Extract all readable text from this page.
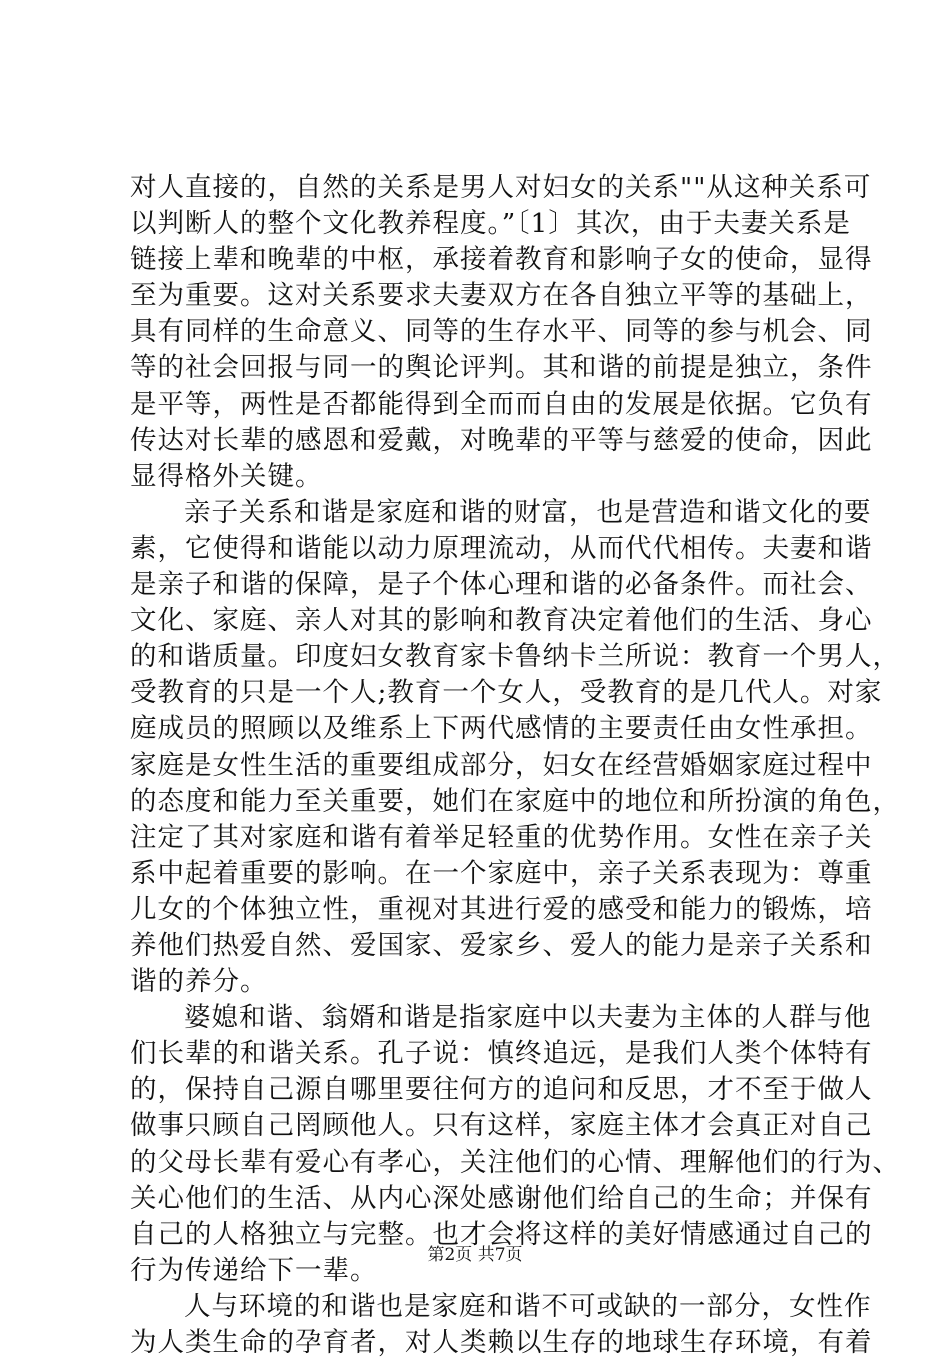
对人直接的，自然的关系是男人对妇女的关系""从这种关系可
以判断人的整个文化教养程度。”〔1〕其次，由于夫妻关系是
链接上辈和晚辈的中枢，承接着教育和影响子女的使命，显得
至为重要。这对关系要求夫妻双方在各自独立平等的基础上，
具有同样的生命意义、同等的生存水平、同等的参与机会、同
等的社会回报与同一的舆论评判。其和谐的前提是独立，条件
是平等，两性是否都能得到全而而自由的发展是依据。它负有
传达对长辈的感恩和爱戴，对晚辈的平等与慈爱的使命，因此
显得格外关键。
亲子关系和谐是家庭和谐的财富，也是营造和谐文化的要
素，它使得和谐能以动力原理流动，从而代代相传。夫妻和谐
是亲子和谐的保障，是子个体心理和谐的必备条件。而社会、
文化、家庭、亲人对其的影响和教育决定着他们的生活、身心
的和谐质量。印度妇女教育家卡鲁纳卡兰所说：教育一个男人，
受教育的只是一个人;教育一个女人，受教育的是几代人。对家
庭成员的照顾以及维系上下两代感情的主要责任由女性承担。
家庭是女性生活的重要组成部分，妇女在经营婚姻家庭过程中
的态度和能力至关重要，她们在家庭中的地位和所扮演的角色，
注定了其对家庭和谐有着举足轻重的优势作用。女性在亲子关
系中起着重要的影响。在一个家庭中，亲子关系表现为：尊重
儿女的个体独立性，重视对其进行爱的感受和能力的锻炼，培
养他们热爱自然、爱国家、爱家乡、爱人的能力是亲子关系和
谐的养分。
婆媳和谐、翁婿和谐是指家庭中以夫妻为主体的人群与他
们长辈的和谐关系。孔子说：慎终追远，是我们人类个体特有
的，保持自己源自哪里要往何方的追问和反思，才不至于做人
做事只顾自己罔顾他人。只有这样，家庭主体才会真正对自己
的父母长辈有爱心有孝心，关注他们的心情、理解他们的行为、
关心他们的生活、从内心深处感谢他们给自己的生命；并保有
自己的人格独立与完整。也才会将这样的美好情感通过自己的
行为传递给下一辈。
人与环境的和谐也是家庭和谐不可或缺的一部分，女性作
为人类生命的孕育者，对人类赖以生存的地球生存环境，有着
第2页 共7页
